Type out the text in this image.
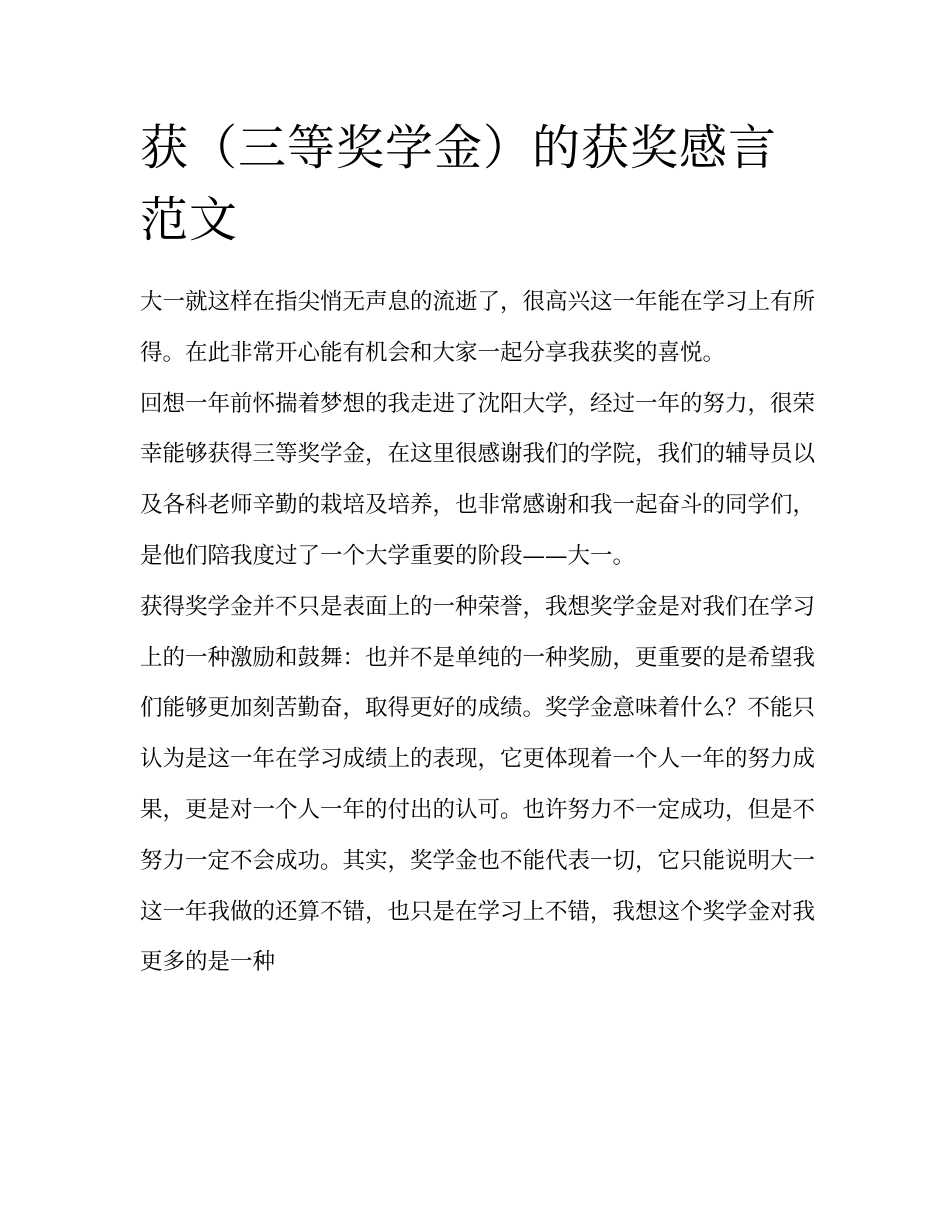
获（三等奖学金）的获奖感言范文

大一就这样在指尖悄无声息的流逝了，很高兴这一年能在学习上有所得。在此非常开心能有机会和大家一起分享我获奖的喜悦。

回想一年前怀揣着梦想的我走进了沈阳大学，经过一年的努力，很荣幸能够获得三等奖学金，在这里很感谢我们的学院，我们的辅导员以及各科老师辛勤的栽培及培养，也非常感谢和我一起奋斗的同学们，是他们陪我度过了一个大学重要的阶段——大一。

获得奖学金并不只是表面上的一种荣誉，我想奖学金是对我们在学习上的一种激励和鼓舞：也并不是单纯的一种奖励，更重要的是希望我们能够更加刻苦勤奋，取得更好的成绩。奖学金意味着什么？不能只认为是这一年在学习成绩上的表现，它更体现着一个人一年的努力成果，更是对一个人一年的付出的认可。也许努力不一定成功，但是不努力一定不会成功。其实，奖学金也不能代表一切，它只能说明大一这一年我做的还算不错，也只是在学习上不错，我想这个奖学金对我更多的是一种
